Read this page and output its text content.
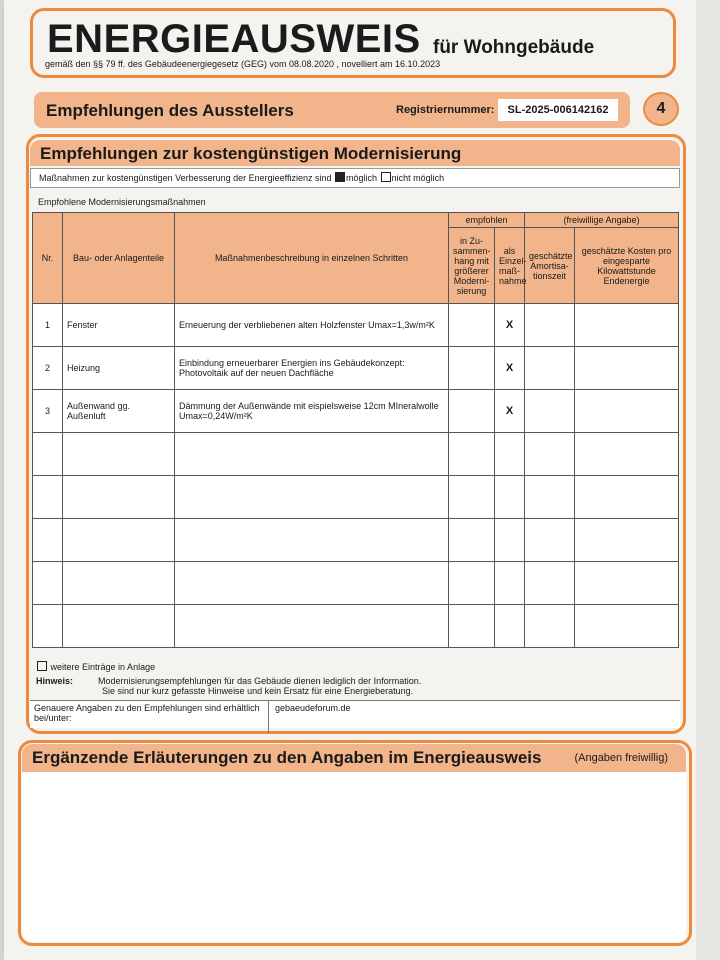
ENERGIEAUSWEIS für Wohngebäude
gemäß den §§ 79 ff. des Gebäudeenergiegesetz (GEG) vom 08.08.2020 , novelliert am 16.10.2023
Empfehlungen des Ausstellers	Registriernummer:	SL-2025-006142162	4
Empfehlungen zur kostengünstigen Modernisierung
Maßnahmen zur kostengünstigen Verbesserung der Energieeffizienz sind möglich nicht möglich
Empfohlene Modernisierungsmaßnahmen
Nr.	Bau- oder Anlagenteile	Maßnahmenbeschreibung in einzelnen Schritten	empfohlen		(freiwillige Angabe)	
			in Zu-sammen-hang mit größerer Moderni-sierung	als Einzel-maß-nahme	geschätzte Amortisa-tionszeit	geschätzte Kosten pro eingesparte Kilowattstunde Endenergie

1	Fenster	Erneuerung der verbliebenen alten Holzfenster Umax=1,3w/m²K		X		
2	Heizung	Einbindung erneuerbarer Energien ins Gebäudekonzept: Photovoltaik auf der neuen Dachfläche		X		
3	Außenwand gg. Außenluft	Dämmung der Außenwände mit eispielsweise 12cm MIneralwolle Umax=0,24W/m²K		X		

weitere Einträge in Anlage
Hinweis:	Modernisierungsempfehlungen für das Gebäude dienen lediglich der Information.
Sie sind nur kurz gefasste Hinweise und kein Ersatz für eine Energieberatung.
Genauere Angaben zu den Empfehlungen sind erhältlich bei/unter:
gebaeudeforum.de
Ergänzende Erläuterungen zu den Angaben im Energieausweis	(Angaben freiwillig)
